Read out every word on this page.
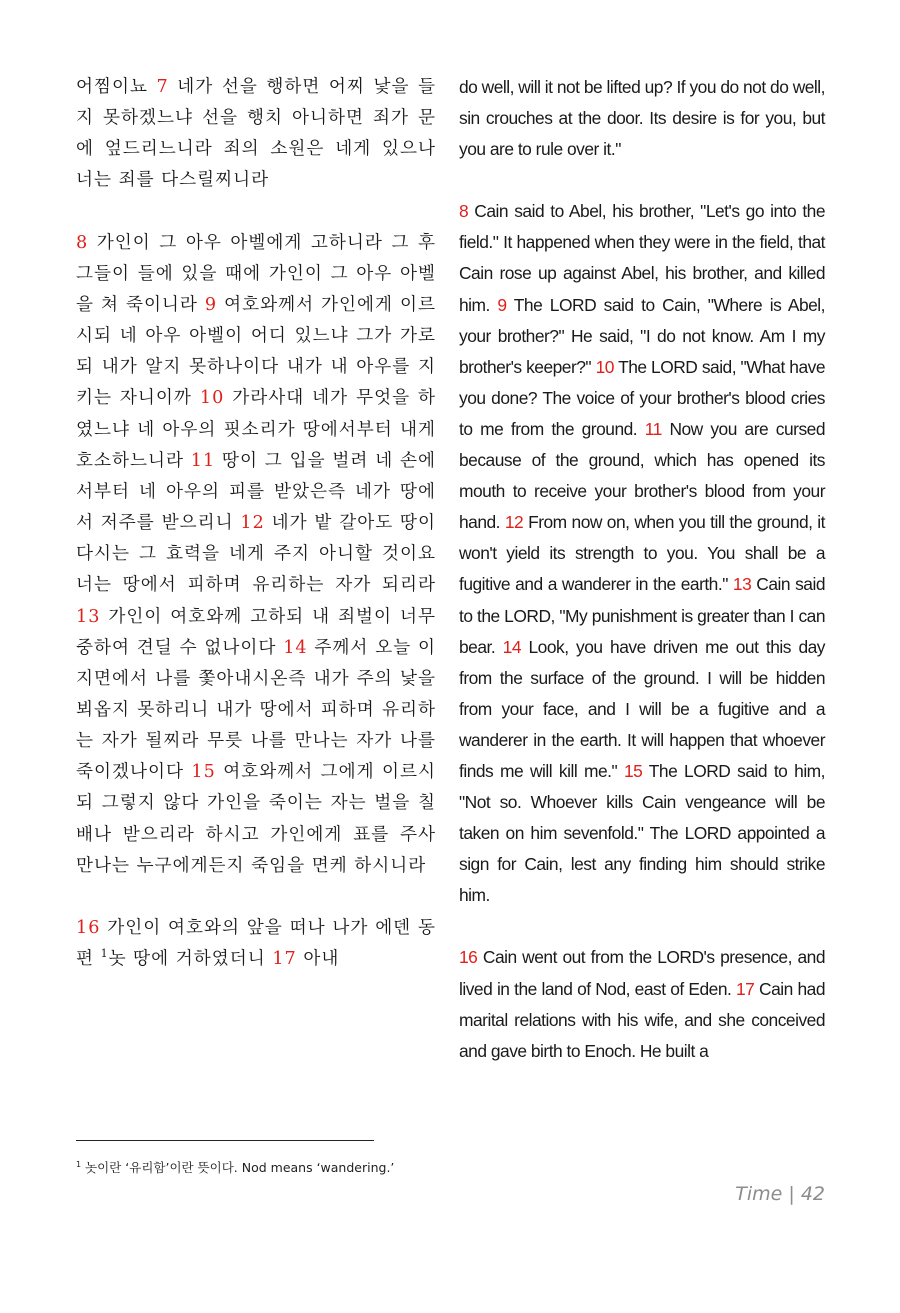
어찜이뇨 7 네가 선을 행하면 어찌 낯을 들지 못하겠느냐 선을 행치 아니하면 죄가 문에 엎드리느니라 죄의 소원은 네게 있으나 너는 죄를 다스릴찌니라

8 가인이 그 아우 아벨에게 고하니라 그 후 그들이 들에 있을 때에 가인이 그 아우 아벨을 쳐 죽이니라 9 여호와께서 가인에게 이르시되 네 아우 아벨이 어디 있느냐 그가 가로되 내가 알지 못하나이다 내가 내 아우를 지키는 자니이까 10 가라사대 네가 무엇을 하였느냐 네 아우의 핏소리가 땅에서부터 내게 호소하느니라 11 땅이 그 입을 벌려 네 손에서부터 네 아우의 피를 받았은즉 네가 땅에서 저주를 받으리니 12 네가 밭 갈아도 땅이 다시는 그 효력을 네게 주지 아니할 것이요 너는 땅에서 피하며 유리하는 자가 되리라 13 가인이 여호와께 고하되 내 죄벌이 너무 중하여 견딜 수 없나이다 14 주께서 오늘 이 지면에서 나를 쫓아내시온즉 내가 주의 낯을 뵈옵지 못하리니 내가 땅에서 피하며 유리하는 자가 될찌라 무릇 나를 만나는 자가 나를 죽이겠나이다 15 여호와께서 그에게 이르시되 그렇지 않다 가인을 죽이는 자는 벌을 칠배나 받으리라 하시고 가인에게 표를 주사 만나는 누구에게든지 죽임을 면케 하시니라

16 가인이 여호와의 앞을 떠나 나가 에덴 동편 $^1$놋 땅에 거하였더니 17 아내

do well, will it not be lifted up? If you do not do well, sin crouches at the door. Its desire is for you, but you are to rule over it."

8 Cain said to Abel, his brother, "Let's go into the field." It happened when they were in the field, that Cain rose up against Abel, his brother, and killed him. 9 The LORD said to Cain, "Where is Abel, your brother?" He said, "I do not know. Am I my brother's keeper?" 10 The LORD said, "What have you done? The voice of your brother's blood cries to me from the ground. 11 Now you are cursed because of the ground, which has opened its mouth to receive your brother's blood from your hand. 12 From now on, when you till the ground, it won't yield its strength to you. You shall be a fugitive and a wanderer in the earth." 13 Cain said to the LORD, "My punishment is greater than I can bear. 14 Look, you have driven me out this day from the surface of the ground. I will be hidden from your face, and I will be a fugitive and a wanderer in the earth. It will happen that whoever finds me will kill me." 15 The LORD said to him, "Not so. Whoever kills Cain vengeance will be taken on him sevenfold." The LORD appointed a sign for Cain, lest any finding him should strike him.

16 Cain went out from the LORD's presence, and lived in the land of Nod, east of Eden. 17 Cain had marital relations with his wife, and she conceived and gave birth to Enoch. He built a

$^1$ 놋이란 ‘유리함’이란 뜻이다. Nod means ‘wandering.’
Time | 42
